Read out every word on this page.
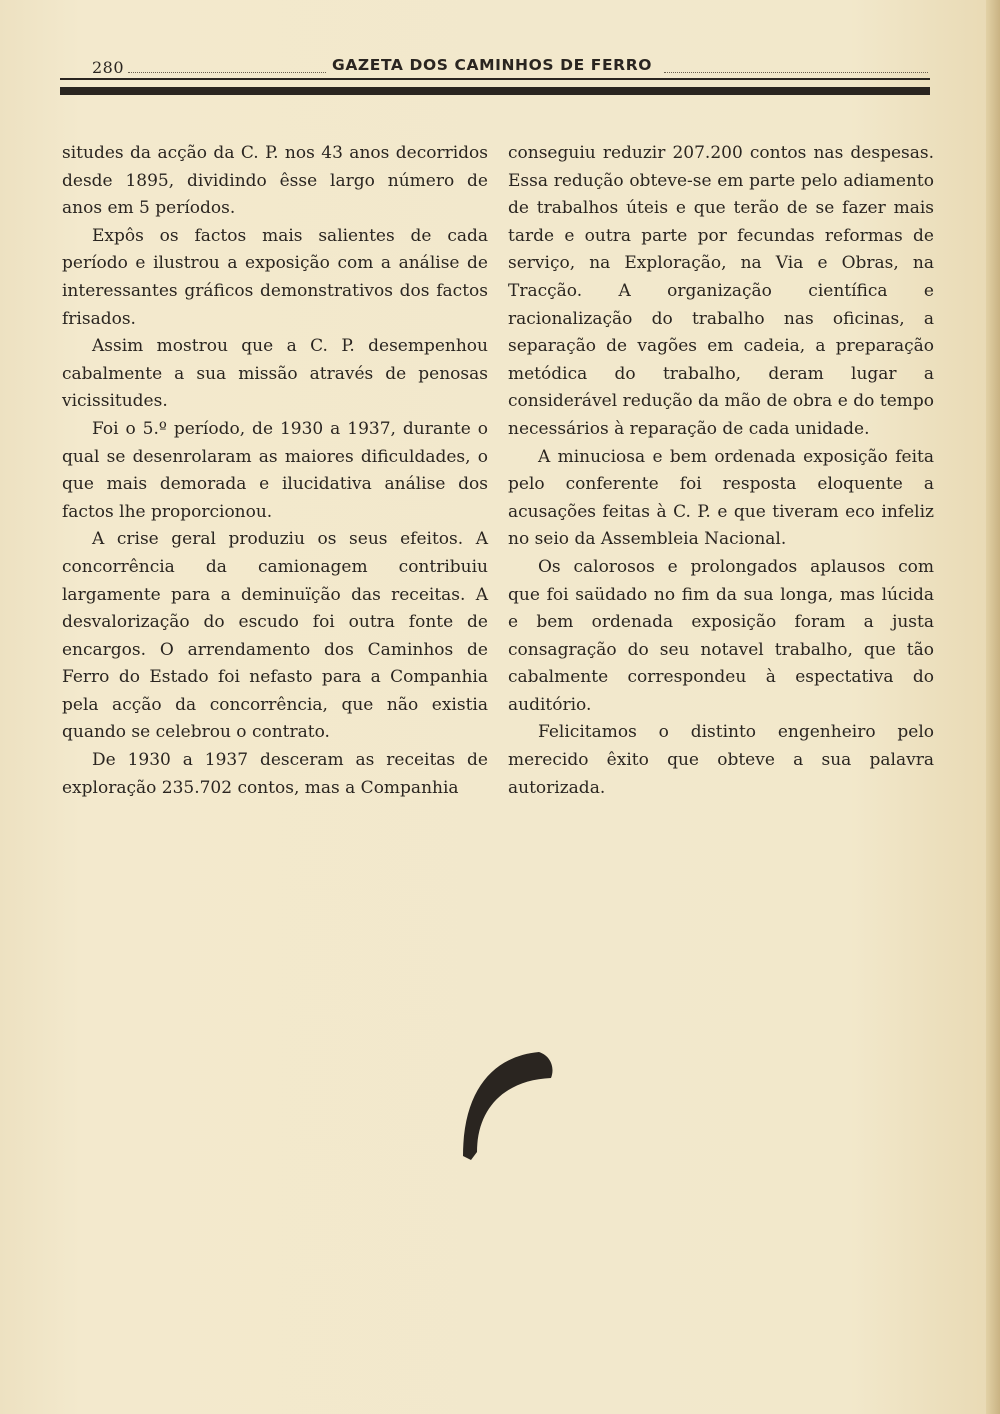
280	GAZETA DOS CAMINHOS DE FERRO

situdes da acção da C. P. nos 43 anos decorridos desde 1895, dividindo êsse largo número de anos em 5 períodos.

Expôs os factos mais salientes de cada período e ilustrou a exposição com a análise de interessantes gráficos demonstrativos dos factos frisados.

Assim mostrou que a C. P. desempenhou cabalmente a sua missão através de penosas vicissitudes.

Foi o 5.º período, de 1930 a 1937, durante o qual se desenrolaram as maiores dificuldades, o que mais demorada e ilucidativa análise dos factos lhe proporcionou.

A crise geral produziu os seus efeitos. A concorrência da camionagem contribuiu largamente para a deminuïção das receitas. A desvalorização do escudo foi outra fonte de encargos. O arrendamento dos Caminhos de Ferro do Estado foi nefasto para a Companhia pela acção da concorrência, que não existia quando se celebrou o contrato.

De 1930 a 1937 desceram as receitas de exploração 235.702 contos, mas a Companhia

conseguiu reduzir 207.200 contos nas despesas. Essa redução obteve-se em parte pelo adiamento de trabalhos úteis e que terão de se fazer mais tarde e outra parte por fecundas reformas de serviço, na Exploração, na Via e Obras, na Tracção. A organização científica e racionalização do trabalho nas oficinas, a separação de vagões em cadeia, a preparação metódica do trabalho, deram lugar a considerável redução da mão de obra e do tempo necessários à reparação de cada unidade.

A minuciosa e bem ordenada exposição feita pelo conferente foi resposta eloquente a acusações feitas à C. P. e que tiveram eco infeliz no seio da Assembleia Nacional.

Os calorosos e prolongados aplausos com que foi saüdado no fim da sua longa, mas lúcida e bem ordenada exposição foram a justa consagração do seu notavel trabalho, que tão cabalmente correspondeu à espectativa do auditório.

Felicitamos o distinto engenheiro pelo merecido êxito que obteve a sua palavra autorizada.
